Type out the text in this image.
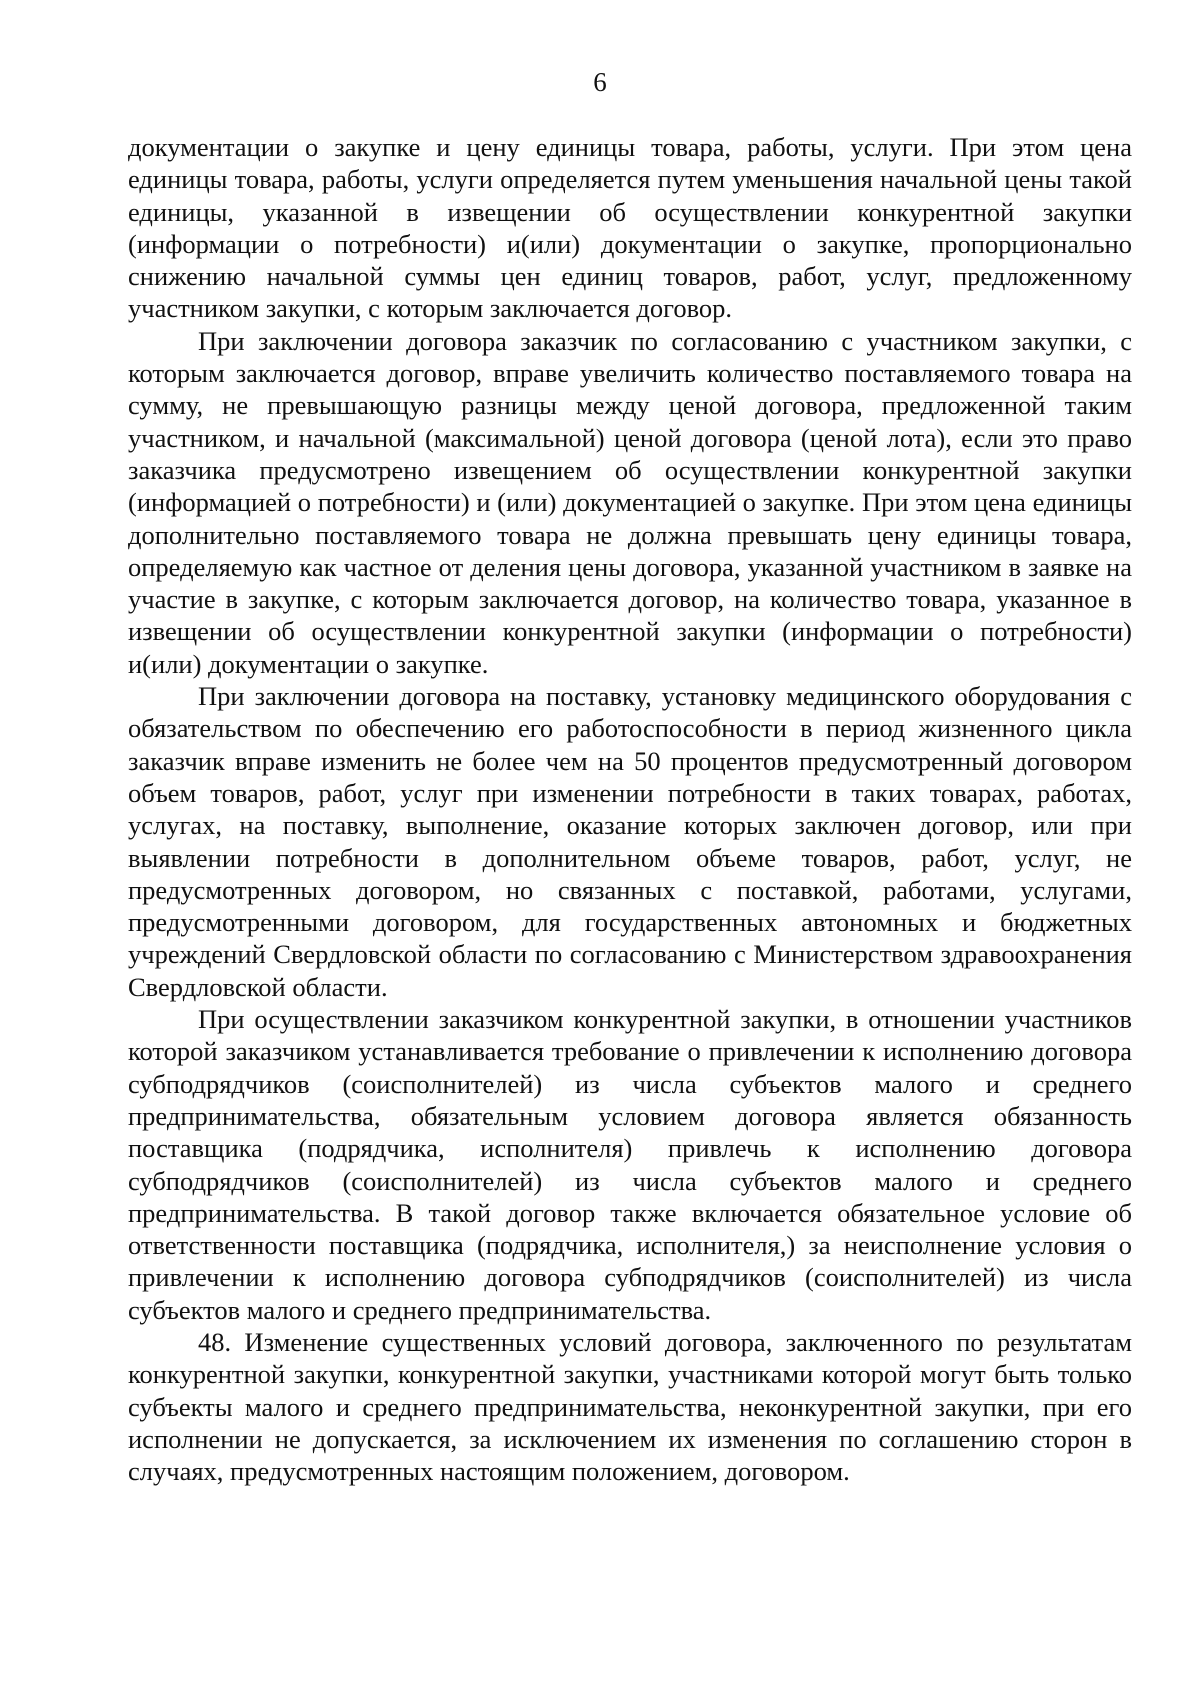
6

документации о закупке и цену единицы товара, работы, услуги. При этом цена единицы товара, работы, услуги определяется путем уменьшения начальной цены такой единицы, указанной в извещении об осуществлении конкурентной закупки (информации о потребности) и(или) документации о закупке, пропорционально снижению начальной суммы цен единиц товаров, работ, услуг, предложенному участником закупки, с которым заключается договор.

При заключении договора заказчик по согласованию с участником закупки, с которым заключается договор, вправе увеличить количество поставляемого товара на сумму, не превышающую разницы между ценой договора, предложенной таким участником, и начальной (максимальной) ценой договора (ценой лота), если это право заказчика предусмотрено извещением об осуществлении конкурентной закупки (информацией о потребности) и (или) документацией о закупке. При этом цена единицы дополнительно поставляемого товара не должна превышать цену единицы товара, определяемую как частное от деления цены договора, указанной участником в заявке на участие в закупке, с которым заключается договор, на количество товара, указанное в извещении об осуществлении конкурентной закупки (информации о потребности) и(или) документации о закупке.

При заключении договора на поставку, установку медицинского оборудования с обязательством по обеспечению его работоспособности в период жизненного цикла заказчик вправе изменить не более чем на 50 процентов предусмотренный договором объем товаров, работ, услуг при изменении потребности в таких товарах, работах, услугах, на поставку, выполнение, оказание которых заключен договор, или при выявлении потребности в дополнительном объеме товаров, работ, услуг, не предусмотренных договором, но связанных с поставкой, работами, услугами, предусмотренными договором, для государственных автономных и бюджетных учреждений Свердловской области по согласованию с Министерством здравоохранения Свердловской области.

При осуществлении заказчиком конкурентной закупки, в отношении участников которой заказчиком устанавливается требование о привлечении к исполнению договора субподрядчиков (соисполнителей) из числа субъектов малого и среднего предпринимательства, обязательным условием договора является обязанность поставщика (подрядчика, исполнителя) привлечь к исполнению договора субподрядчиков (соисполнителей) из числа субъектов малого и среднего предпринимательства. В такой договор также включается обязательное условие об ответственности поставщика (подрядчика, исполнителя,) за неисполнение условия о привлечении к исполнению договора субподрядчиков (соисполнителей) из числа субъектов малого и среднего предпринимательства.

48. Изменение существенных условий договора, заключенного по результатам конкурентной закупки, конкурентной закупки, участниками которой могут быть только субъекты малого и среднего предпринимательства, неконкурентной закупки, при его исполнении не допускается, за исключением их изменения по соглашению сторон в случаях, предусмотренных настоящим положением, договором.
